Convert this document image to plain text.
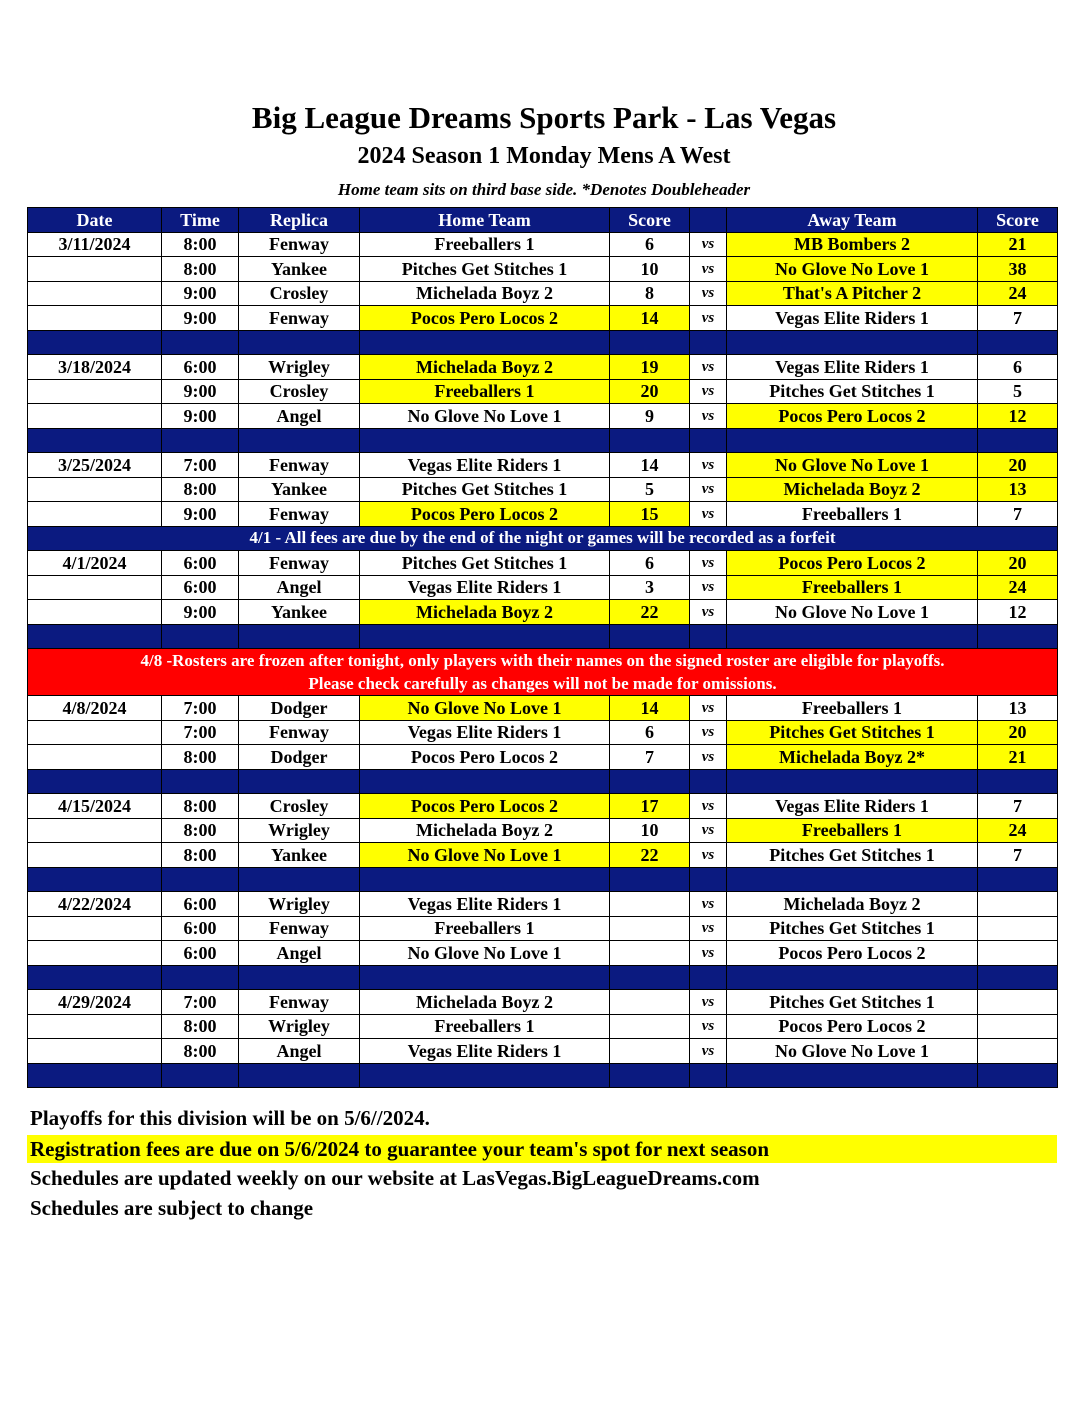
Big League Dreams Sports Park - Las Vegas
2024 Season 1 Monday Mens A West
Home team sits on third base side. *Denotes Doubleheader
Date	Time	Replica	Home Team	Score		Away Team	Score
3/11/2024	8:00	Fenway	Freeballers 1	6	vs	MB Bombers 2	21
	8:00	Yankee	Pitches Get Stitches 1	10	vs	No Glove No Love 1	38
	9:00	Crosley	Michelada Boyz 2	8	vs	That's A Pitcher 2	24
	9:00	Fenway	Pocos Pero Locos 2	14	vs	Vegas Elite Riders 1	7

3/18/2024	6:00	Wrigley	Michelada Boyz 2	19	vs	Vegas Elite Riders 1	6
	9:00	Crosley	Freeballers 1	20	vs	Pitches Get Stitches 1	5
	9:00	Angel	No Glove No Love 1	9	vs	Pocos Pero Locos 2	12

3/25/2024	7:00	Fenway	Vegas Elite Riders 1	14	vs	No Glove No Love 1	20
	8:00	Yankee	Pitches Get Stitches 1	5	vs	Michelada Boyz 2	13
	9:00	Fenway	Pocos Pero Locos 2	15	vs	Freeballers 1	7
4/1 - All fees are due by the end of the night or games will be recorded as a forfeit							
4/1/2024	6:00	Fenway	Pitches Get Stitches 1	6	vs	Pocos Pero Locos 2	20
	6:00	Angel	Vegas Elite Riders 1	3	vs	Freeballers 1	24
	9:00	Yankee	Michelada Boyz 2	22	vs	No Glove No Love 1	12

4/8 -Rosters are frozen after tonight, only players with their names on the signed roster are eligible for playoffs.
Please check carefully as changes will not be made for omissions.							

4/8/2024	7:00	Dodger	No Glove No Love 1	14	vs	Freeballers 1	13
	7:00	Fenway	Vegas Elite Riders 1	6	vs	Pitches Get Stitches 1	20
	8:00	Dodger	Pocos Pero Locos 2	7	vs	Michelada Boyz 2*	21

4/15/2024	8:00	Crosley	Pocos Pero Locos 2	17	vs	Vegas Elite Riders 1	7
	8:00	Wrigley	Michelada Boyz 2	10	vs	Freeballers 1	24
	8:00	Yankee	No Glove No Love 1	22	vs	Pitches Get Stitches 1	7

4/22/2024	6:00	Wrigley	Vegas Elite Riders 1		vs	Michelada Boyz 2	
	6:00	Fenway	Freeballers 1		vs	Pitches Get Stitches 1	
	6:00	Angel	No Glove No Love 1		vs	Pocos Pero Locos 2	

4/29/2024	7:00	Fenway	Michelada Boyz 2		vs	Pitches Get Stitches 1	
	8:00	Wrigley	Freeballers 1		vs	Pocos Pero Locos 2	
	8:00	Angel	Vegas Elite Riders 1		vs	No Glove No Love 1	

Playoffs for this division will be on 5/6//2024.
Registration fees are due on 5/6/2024 to guarantee your team's spot for next season
Schedules are updated weekly on our website at LasVegas.BigLeagueDreams.com
Schedules are subject to change
